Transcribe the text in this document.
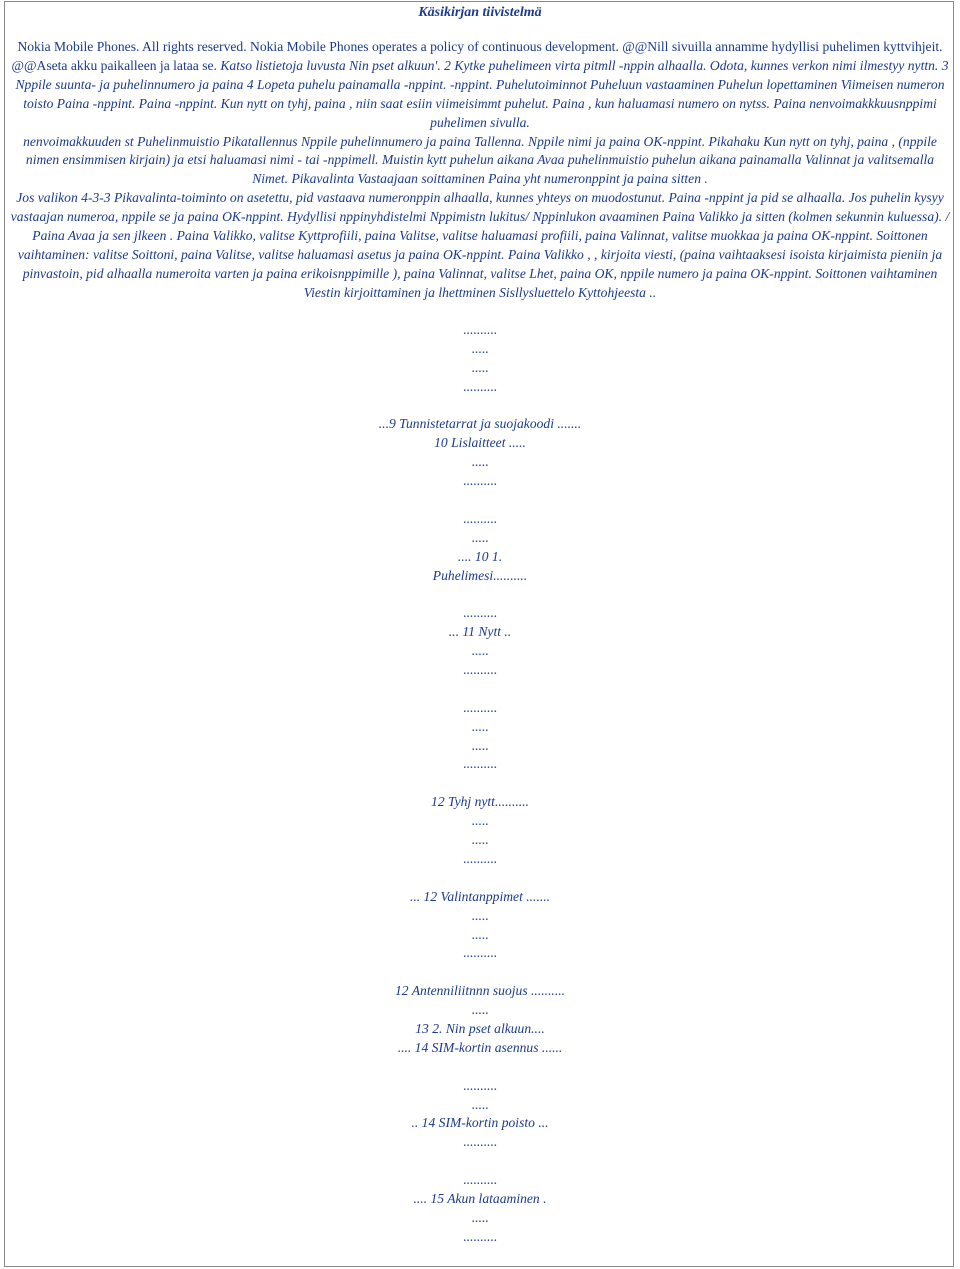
Käsikirjan tiivistelmä
Nokia Mobile Phones. All rights reserved. Nokia Mobile Phones operates a policy of continuous development. @@Nill sivuilla annamme hydyllisi puhelimen kyttvihjeit. @@Aseta akku paikalleen ja lataa se. Katso listietoja luvusta Nin pset alkuun'. 2 Kytke puhelimeen virta pitmll -nppin alhaalla. Odota, kunnes verkon nimi ilmestyy nyttn. 3 Nppile suunta- ja puhelinnumero ja paina 4 Lopeta puhelu painamalla -nppint. -nppint. Puhelutoiminnot Puheluun vastaaminen Puhelun lopettaminen Viimeisen numeron toisto Paina -nppint. Paina -nppint. Kun nytt on tyhj, paina , niin saat esiin viimeisimmt puhelut. Paina , kun haluamasi numero on nytss. Paina nenvoimakkkuusnppimi puhelimen sivulla.
nenvoimakkuuden st Puhelinmuistio Pikatallennus Nppile puhelinnumero ja paina Tallenna. Nppile nimi ja paina OK-nppint. Pikahaku Kun nytt on tyhj, paina , (nppile nimen ensimmisen kirjain) ja etsi haluamasi nimi - tai -nppimell. Muistin kytt puhelun aikana Avaa puhelinmuistio puhelun aikana painamalla Valinnat ja valitsemalla Nimet. Pikavalinta Vastaajaan soittaminen Paina yht numeronppint ja paina sitten .
Jos valikon 4-3-3 Pikavalinta-toiminto on asetettu, pid vastaava numeronppin alhaalla, kunnes yhteys on muodostunut. Paina -nppint ja pid se alhaalla. Jos puhelin kysyy vastaajan numeroa, nppile se ja paina OK-nppint. Hydyllisi nppinyhdistelmi Nppimistn lukitus/ Nppinlukon avaaminen Paina Valikko ja sitten (kolmen sekunnin kuluessa). / Paina Avaa ja sen jlkeen . Paina Valikko, valitse Kyttprofiili, paina Valitse, valitse haluamasi profiili, paina Valinnat, valitse muokkaa ja paina OK-nppint. Soittonen vaihtaminen: valitse Soittoni, paina Valitse, valitse haluamasi asetus ja paina OK-nppint. Paina Valikko , , kirjoita viesti, (paina vaihtaaksesi isoista kirjaimista pieniin ja pinvastoin, pid alhaalla numeroita varten ja paina erikoisnppimille ), paina Valinnat, valitse Lhet, paina OK, nppile numero ja paina OK-nppint. Soittonen vaihtaminen Viestin kirjoittaminen ja lhettminen Sisllysluettelo Kyttohjeesta ..
..........
.....
.....
..........
...9 Tunnistetarrat ja suojakoodi .......
10 Lislaitteet .....
.....
..........
..........
.....
.... 10 1.
Puhelimesi..........
..........
... 11 Nytt ..
.....
..........
..........
.....
.....
..........
12 Tyhj nytt..........
.....
.....
..........
... 12 Valintanppimet .......
.....
.....
..........
12 Antenniliitnnn suojus ..........
.....
13 2. Nin pset alkuun....
.... 14 SIM-kortin asennus ......
..........
.....
.. 14 SIM-kortin poisto ...
..........
..........
.... 15 Akun lataaminen .
.....
..........
